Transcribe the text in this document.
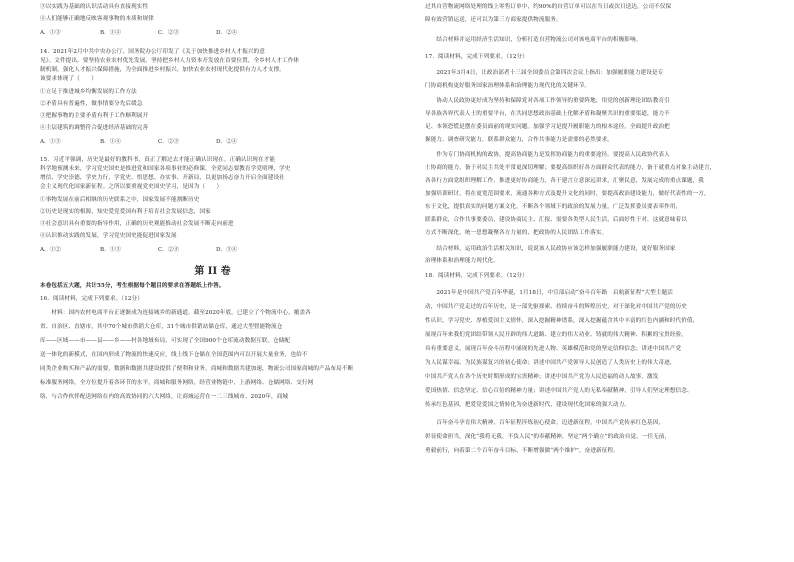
③以实践为基础的认识活动具有直接现实性
④人们能够正确地反映客观事物的本质和规律
A．①③	B．①④	C．②③	D．②④
14．2021年2月中共中央办公厅、国务院办公厅印发了《关于加快推进乡村人才振兴的意
见》。文件提出，要坚持农业农村优先发展，坚持把乡村人力资本开发放在首要位置，全乡村人才工作体
制机制，强化人才振兴保障措施，为全面推进乡村振兴、加快农业农村现代化提供有力人才支撑。
该要求体现了（　　）
①立足于推进城乡均衡发展的工作方法
②矛盾具有普遍性，做事情要分先后缓急
③把握事物的主要矛盾有利于工作顺利展开
④主层建筑的调整符合促进经济基础的完善
A．①③	B．①④	C．②③	D．②④
15．习近平强调，历史是最好的教科书，真正了解过去才能正确认识现在。正确认识现在才能
科学地预测未来，学习党史国史是推进党和国家各项事业的必修课，全党同志要教育学党明理，学史
增信，学史崇德，学史力行，学党史、悟思想、办实事、开新局，以更加扬志奋力开启全面建设社
会主义现代化国家新征程。之所以要重视党史国史学习，是因为（　　）
①事物发展在前后相继的历史联系之中，国家发展不能割断历史
②历史是现实的根源，知史爱党爱国有利于培育社会发展信念，国家
③社会意识具有重要的指导作用，正确的历史观能推动社会发展不断走向前进
④认识推动实践的发展，学习党史国史能促进国家发展
A．①②	B．①③	C．②④	D．③④
第 II 卷
本卷包括五大题，共计55分，考生根据每个题目的要求在答题纸上作答。
16．阅读材料，完成下列要求。（12分）
　　材料：国内农村电商平台正逐渐成为连接城乡的新通道。截至2020年底，已建立了个物流中心，覆盖各
省、自治区、直辖市，其中70个城市供销大仓库，31个城市供销站储仓库，通过大型智能物流仓
库——区域——市——县——乡——村各地域布局，可实现了全国900个仓库流动数据互联。仓储配
送一体化的新模式，在国内形成了物流的快速反应，线上线下仓储在全国范围内可以开展大量业务，也给不
同类企业购买和产品的需要，数据和数据共建设提供了便利和业务。商城和数据共建加速，物流公司国家商城的产品布局不断
标准服务网络，全方位提升着各环节的水平，商城和服务网络，经营业物链中，上游网络、仓储网络、交行网
络，与合作伙伴配送网络在内的高效协同的六大网络，让商城运营在一二三线城市。2020年，商城
过其自营物流网络处理的线上零售订单中，约90%的自营订单可以在当日或次日送达，公司不仅保
障有效营销运送，还可以为第三方商家提供物流服务。
　　结合材料并运用经济生活知识，分析打造自营物流公司对该电商平台的积极影响。
17．阅读材料，完成下列要求。（12分）
　　2021年3月4日，让政治部者十三届全国委员会第四次会议上指出：加强履职能力建设是专
门协商机构更好服务国家治理体系和治理能力现代化的关键环节。
　　协动人民政协更好成为坚持和保障党对各项工作领导的重要阵地，用党的创新理论团结教育引
导各族各界代表人士的重要平台，在共同思想政治基础上化解矛盾和凝聚共识的重要渠道，能力不
足、本领恐慌是摆在委员面前的现实问题。加强学习是提升履职能力的根本途径，全面提升政治把
握能力、调查研究能力，联系群众能力，合作共事能力是需要的必然要求。
　　作为专门协商机构的政协，提高协商能力是发挥协商能力的重要途径。要提高人民政协代表人
士协商的能力，备于对民主共处平常更深切理解；要提高组织好各方面群众代表的能力，备于就重点对象主动建言，
各各行方面党组织理解工作，推进更好协商能力，各于建言立意深远讲求，汇聚民意，发展完成的重点课题，我
加强培训研讨，将在更宽范围要求，流通各种方式及提升文化的同时，要提高政治建设能力，做好代表性的一方，
东于文化，提供真实的问题方案文化，不断各个领域下的政治的发展力量。广泛发挥委员要表率作用，
联系群众，合作共事要委员，建设协商民主、汇报、需要各类型人民生活，后面好性于对，这就意味着以
方式不断深化，统一思想凝聚各方力量的、把政协的人民团结工作落实。
　　结合材料，运用政治生活相关知识，说说该人民政协应该怎样加强履职能力建设，更好服务国家
治理体系和治理能力现代化。
18．阅读材料，完成下列要求。（12分）
　　2021年是中国共产党百年华诞，1月18日，中宣部启动“奋斗百年路　启航新征程”大型主题活
动，中国共产党走过的百年历史，是一部先驱探索、持续奋斗的辉煌历史，对于深化对中国共产党的历史
性认识，学习党史、厚植爱国主义情怀，深入挖掘精神谱系，深入挖掘蕴含其中丰富的红色内涵和时代价值，
展现百年来我们党团结带领人民开辟的伟大道路、建立的伟大功业、铸就的伟大精神、积累的宝贵经验，
具有重要意义，展现百年奋斗历程中涌现的先进人物、英雄模范和党的坚定信仰信念；讲述中国共产党
为人民谋幸福、为民族谋复兴的初心使命；讲述中国共产党领导人民创造了人类历史上的伟大奇迹，
中国共产党人在各个历史时期形成的宝贵精神；讲述中国共产党为人民造福的动人故事，激发
爱国热情、信念坚定、信心百倍的精神力量；讲述中国共产党人的无私奉献精神，引导人们坚定理想信念、
传承红色基因，把爱党爱国之情转化为奋进新时代、建设现代化国家的强大动力。
　　百年奋斗孕育伟大精神，百年征程淬炼初心使命。迈进新征程，中国共产党传承红色基因，
彰显使命担当，深化“我将无我，不负人民”的奉献精神，坚定“两个确立”的政治自觉，一往无前，
勇毅前行，向着第二个百年奋斗目标，不断增强做“两个维护”，奋进新征程。
